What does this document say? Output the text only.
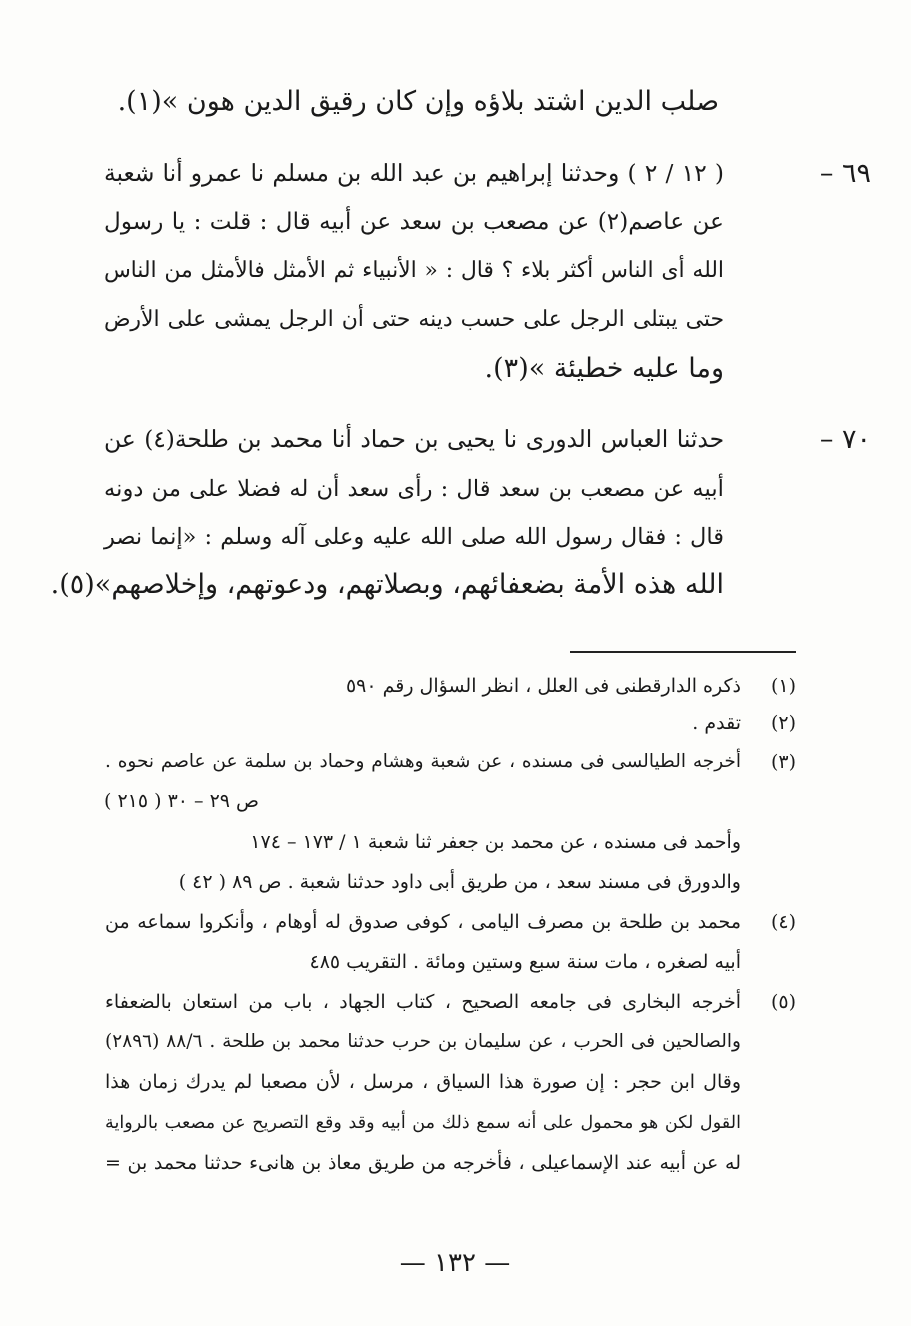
صلب الدين اشتد بلاؤه وإن كان رقيق الدين هون »(١).
٦٩ –
( ١٢ / ٢ ) وحدثنا إبراهيم بن عبد الله بن مسلم نا عمرو أنا شعبة
عن عاصم(٢) عن مصعب بن سعد عن أبيه قال : قلت : يا رسول
الله أى الناس أكثر بلاء ؟ قال : « الأنبياء ثم الأمثل فالأمثل من الناس
حتى يبتلى الرجل على حسب دينه حتى أن الرجل يمشى على الأرض
وما عليه خطيئة »(٣).
٧٠ –
حدثنا العباس الدورى نا يحيى بن حماد أنا محمد بن طلحة(٤) عن
أبيه عن مصعب بن سعد قال : رأى سعد أن له فضلا على من دونه
قال : فقال رسول الله صلى الله عليه وعلى آله وسلم : «إنما نصر
الله هذه الأمة بضعفائهم، وبصلاتهم، ودعوتهم، وإخلاصهم»(٥).
(١)
ذكره الدارقطنى فى العلل ، انظر السؤال رقم ٥٩٠
(٢)
تقدم .
(٣)
أخرجه الطيالسى فى مسنده ، عن شعبة وهشام وحماد بن سلمة عن عاصم نحوه .
ص ٢٩ – ٣٠ ( ٢١٥ )
وأحمد فى مسنده ، عن محمد بن جعفر ثنا شعبة ١ / ١٧٣ – ١٧٤
والدورق فى مسند سعد ، من طريق أبى داود حدثنا شعبة . ص ٨٩ ( ٤٢ )
(٤)
محمد بن طلحة بن مصرف اليامى ، كوفى صدوق له أوهام ، وأنكروا سماعه من
أبيه لصغره ، مات سنة سبع وستين ومائة . التقريب ٤٨٥
(٥)
أخرجه البخارى فى جامعه الصحيح ، كتاب الجهاد ، باب من استعان بالضعفاء
والصالحين فى الحرب ، عن سليمان بن حرب حدثنا محمد بن طلحة . ٨٨/٦ (٢٨٩٦)
وقال ابن حجر : إن صورة هذا السياق ، مرسل ، لأن مصعبا لم يدرك زمان هذا
القول لكن هو محمول على أنه سمع ذلك من أبيه وقد وقع التصريح عن مصعب بالرواية
له عن أبيه عند الإسماعيلى ، فأخرجه من طريق معاذ بن هانىء حدثنا محمد بن =
— ١٣٢ —
